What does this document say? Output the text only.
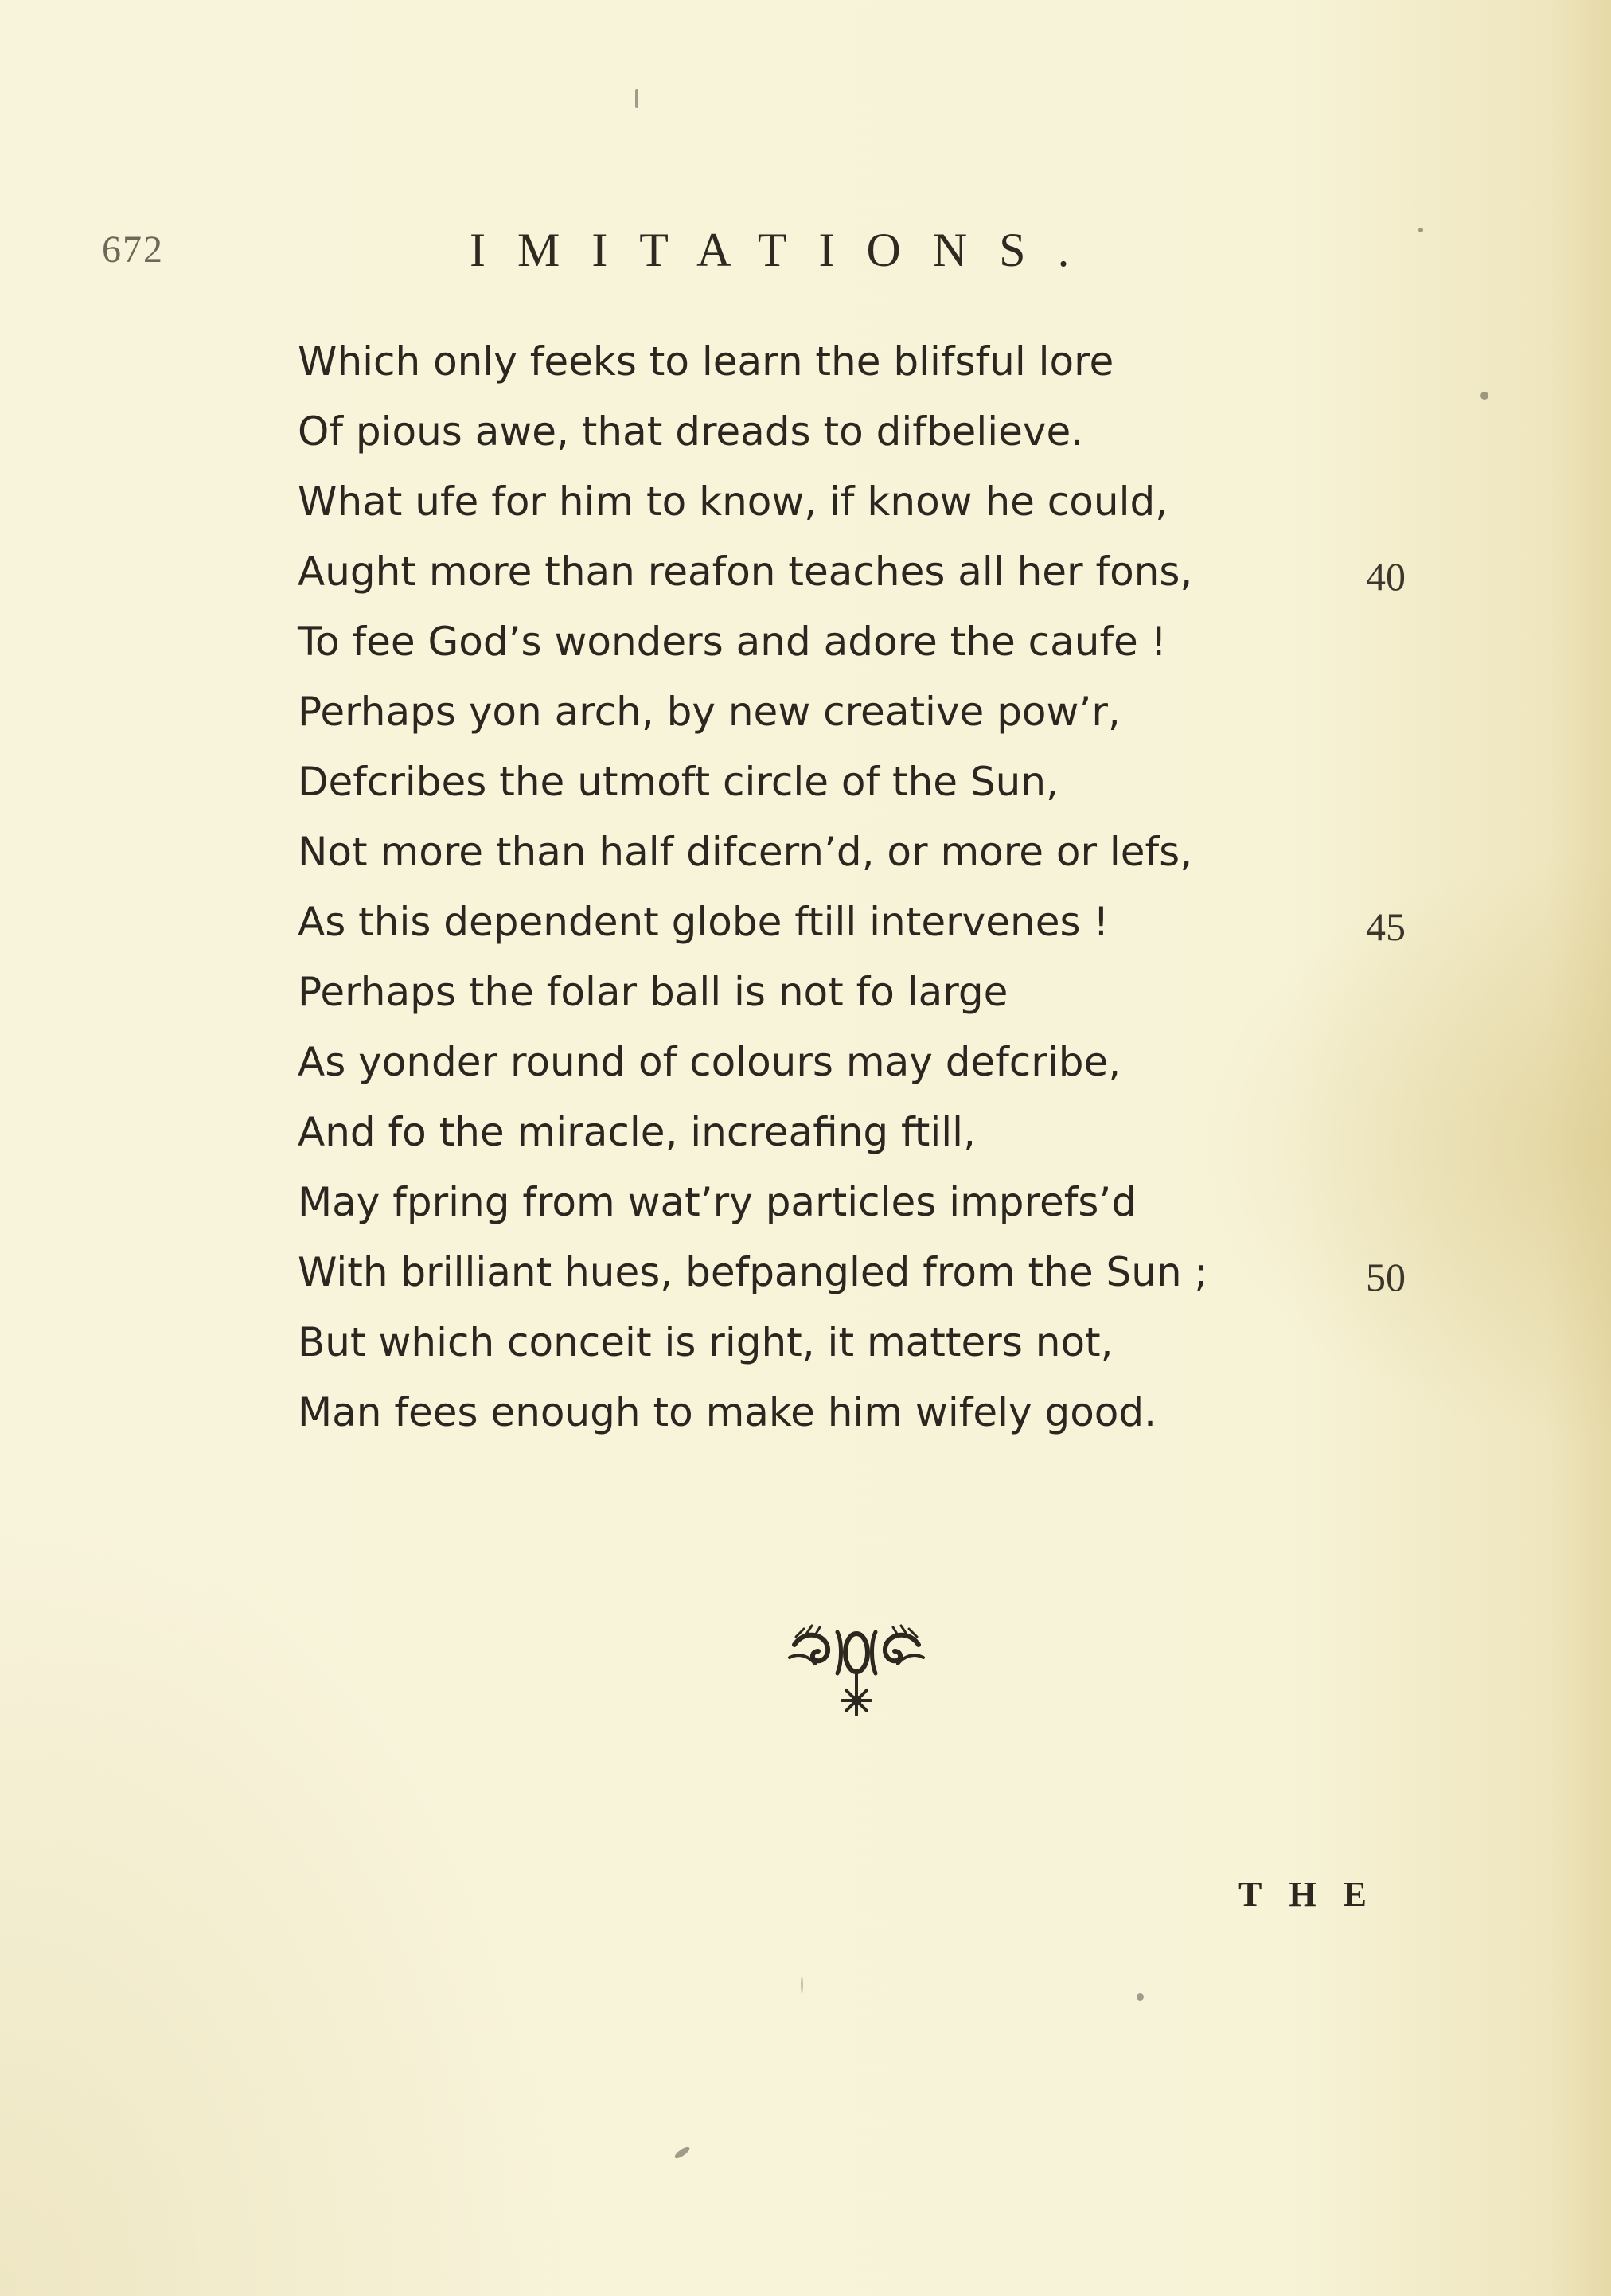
672	IMITATIONS.
Which only feeks to learn the blifsful lore
Of pious awe, that dreads to difbelieve.
What ufe for him to know, if know he could,
Aught more than reafon teaches all her fons,	40
To fee God’s wonders and adore the caufe !
Perhaps yon arch, by new creative pow’r,
Defcribes the utmoft circle of the Sun,
Not more than half difcern’d, or more or lefs,
As this dependent globe ftill intervenes !	45
Perhaps the folar ball is not fo large
As yonder round of colours may defcribe,
And fo the miracle, increafing ftill,
May fpring from wat’ry particles imprefs’d
With brilliant hues, befpangled from the Sun ;	50
But which conceit is right, it matters not,
Man fees enough to make him wifely good.
THE
